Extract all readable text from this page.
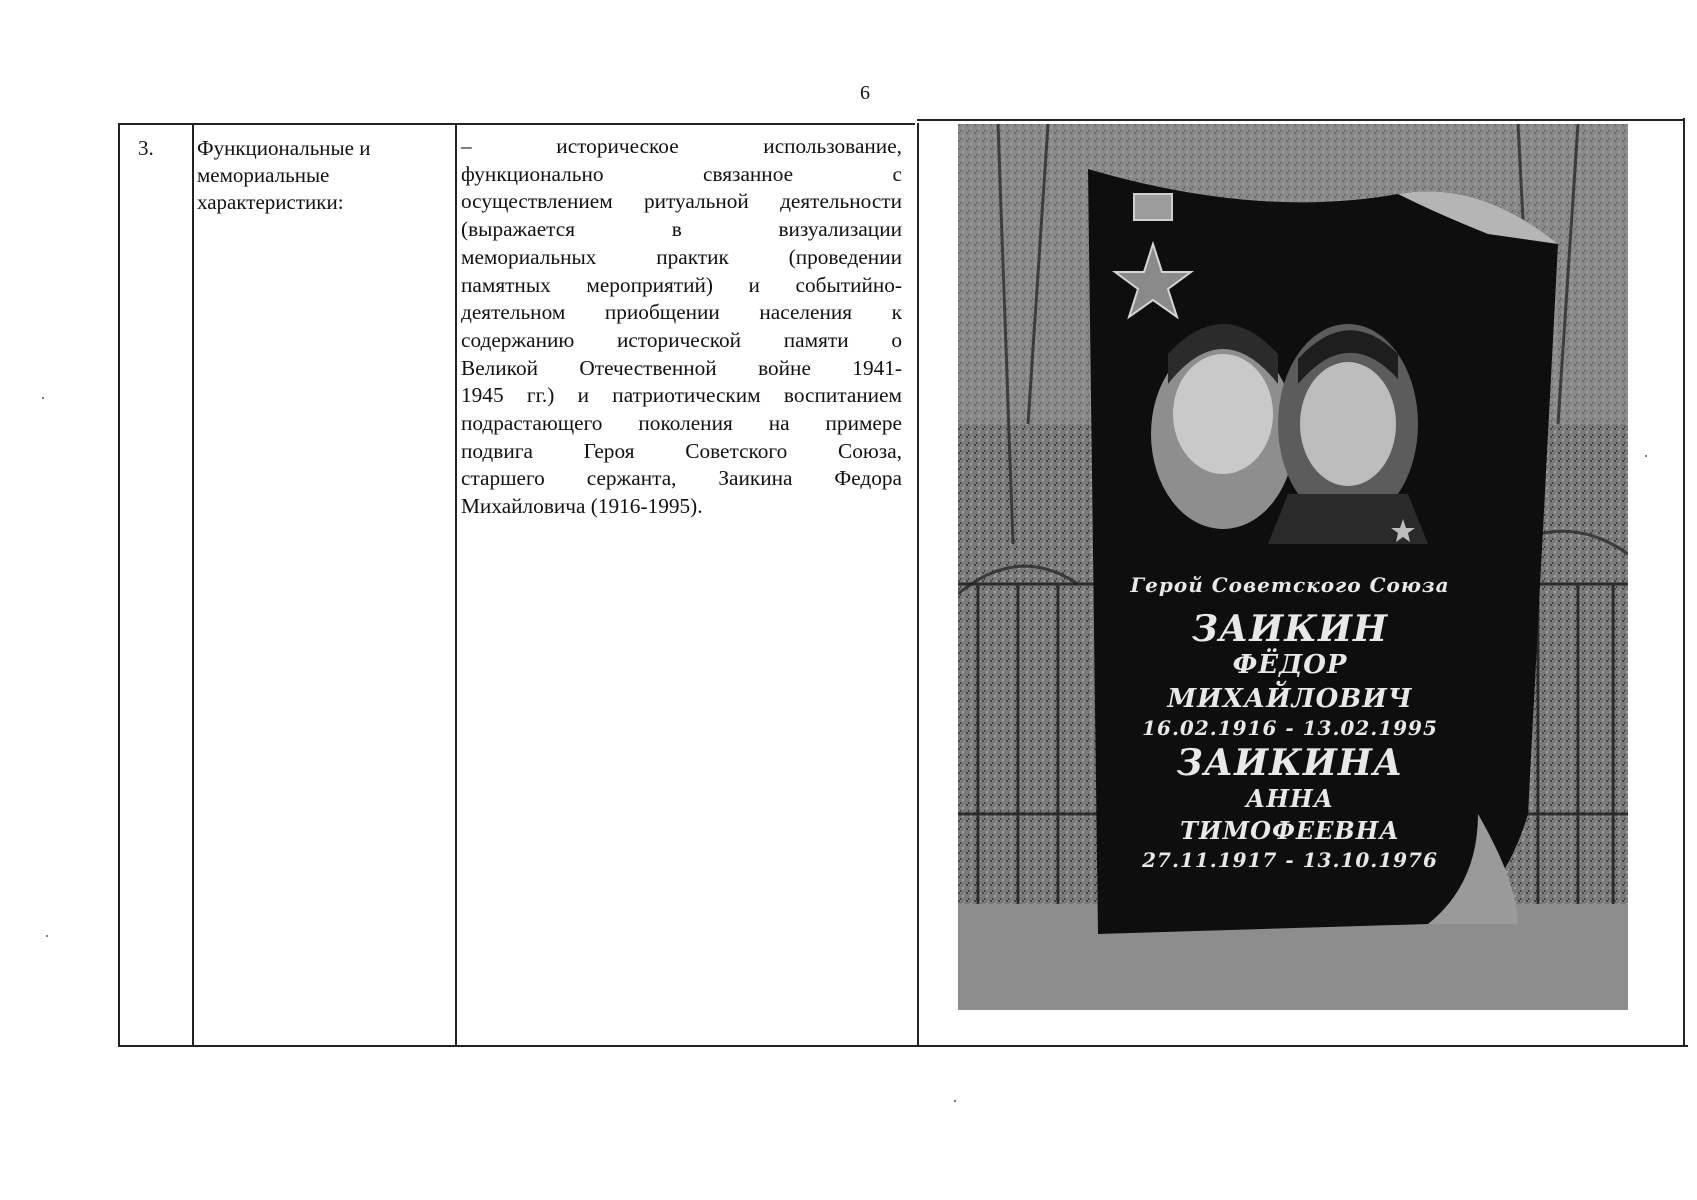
6
3. Функциональные и мемориальные характеристики:
– историческое использование,
функционально связанное с
осуществлением ритуальной деятельности
(выражается в визуализации
мемориальных практик (проведении
памятных мероприятий) и событийно-
деятельном приобщении населения к
содержанию исторической памяти о
Великой Отечественной войне 1941-
1945 гг.) и патриотическим воспитанием
подрастающего поколения на примере
подвига Героя Советского Союза,
старшего сержанта, Заикина Федора
Михайловича (1916-1995).
Герой Советского Союза
ЗАИКИН
ФЁДОР
МИХАЙЛОВИЧ
16.02.1916 - 13.02.1995
ЗАИКИНА
АННА
ТИМОФЕЕВНА
27.11.1917 - 13.10.1976
